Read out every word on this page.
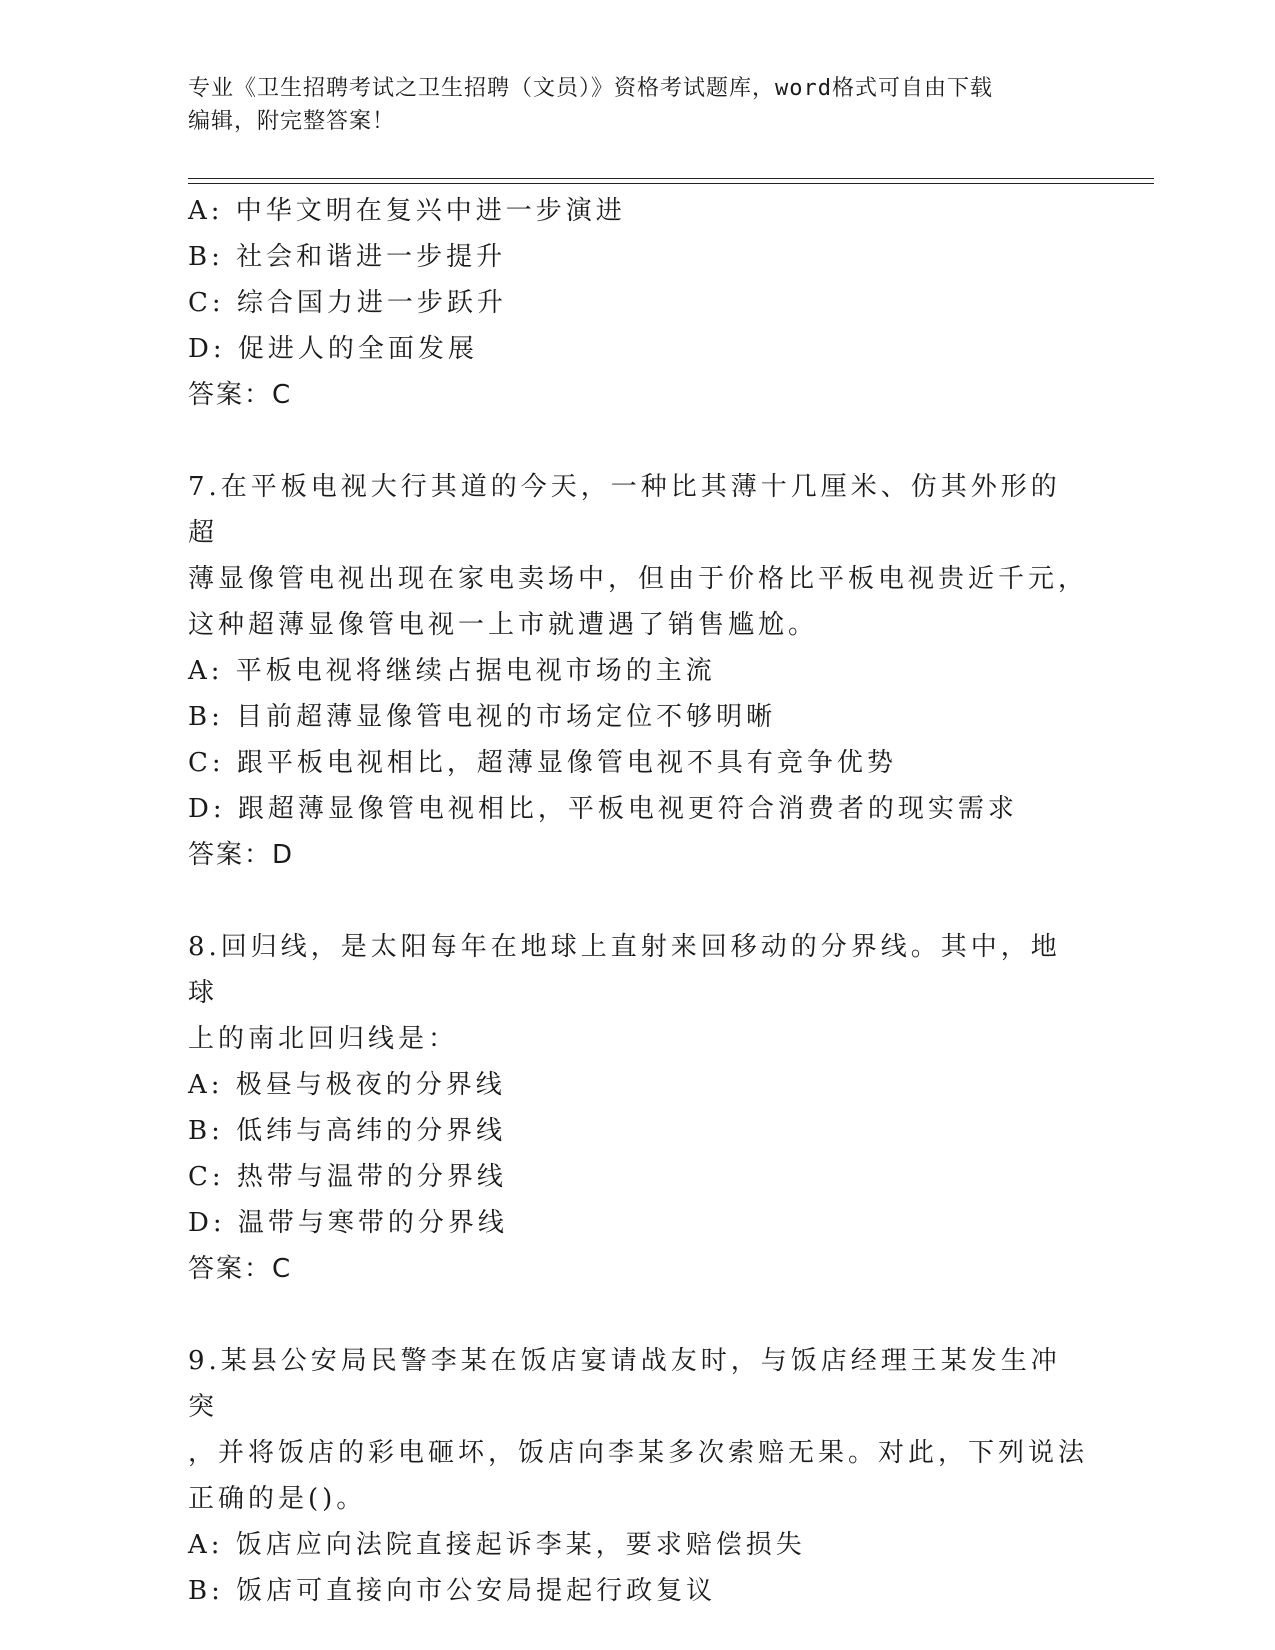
专业《卫生招聘考试之卫生招聘（文员）》资格考试题库，word格式可自由下载
编辑，附完整答案！
A: 中华文明在复兴中进一步演进
B: 社会和谐进一步提升
C: 综合国力进一步跃升
D: 促进人的全面发展
答案：C
7.在平板电视大行其道的今天，一种比其薄十几厘米、仿其外形的超
薄显像管电视出现在家电卖场中，但由于价格比平板电视贵近千元，
这种超薄显像管电视一上市就遭遇了销售尴尬。
A: 平板电视将继续占据电视市场的主流
B: 目前超薄显像管电视的市场定位不够明晰
C: 跟平板电视相比，超薄显像管电视不具有竞争优势
D: 跟超薄显像管电视相比，平板电视更符合消费者的现实需求
答案：D
8.回归线，是太阳每年在地球上直射来回移动的分界线。其中，地球
上的南北回归线是：
A: 极昼与极夜的分界线
B: 低纬与高纬的分界线
C: 热带与温带的分界线
D: 温带与寒带的分界线
答案：C
9.某县公安局民警李某在饭店宴请战友时，与饭店经理王某发生冲突
，并将饭店的彩电砸坏，饭店向李某多次索赔无果。对此，下列说法
正确的是()。
A: 饭店应向法院直接起诉李某，要求赔偿损失
B: 饭店可直接向市公安局提起行政复议
